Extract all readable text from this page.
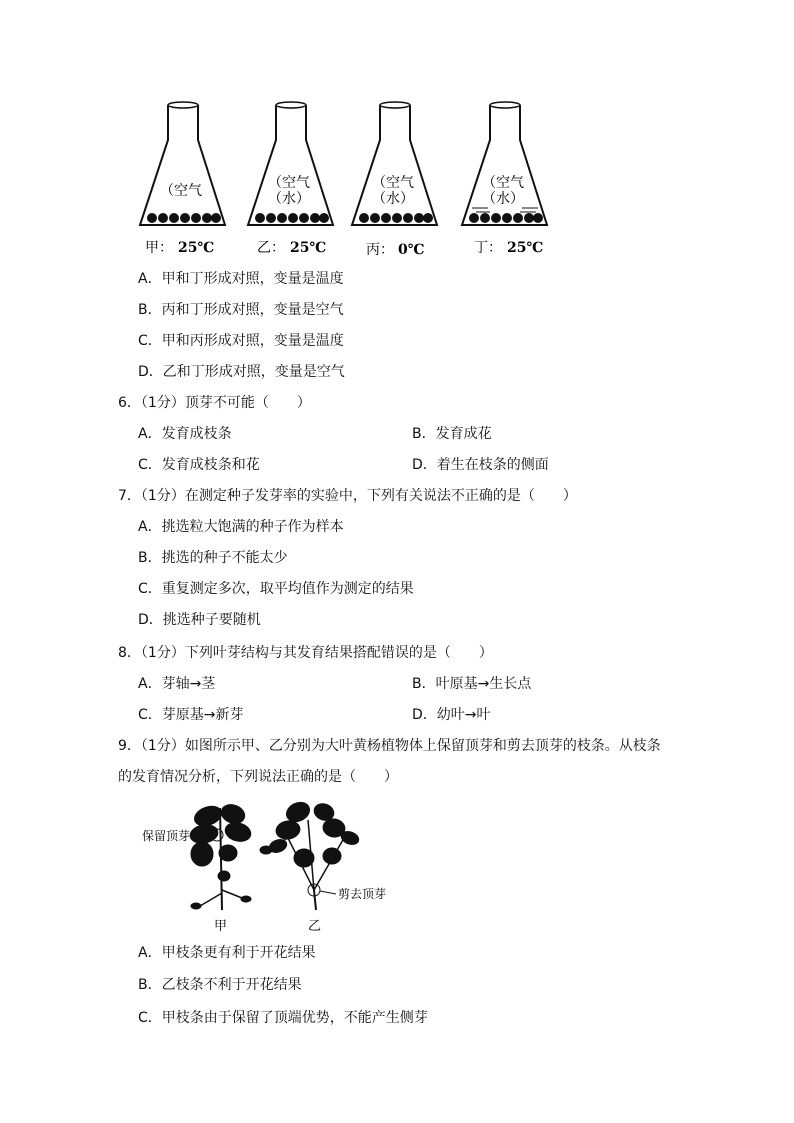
（空气	（空气
（水）
（空气
（水）
（空气
（水）
甲： 25℃	乙： 25℃	丙： 0℃	丁： 25℃
A．甲和丁形成对照，变量是温度
B．丙和丁形成对照，变量是空气
C．甲和丙形成对照，变量是温度
D．乙和丁形成对照，变量是空气
6．（1分）顶芽不可能（　　）
A．发育成枝条	B．发育成花
C．发育成枝条和花	D．着生在枝条的侧面
7．（1分）在测定种子发芽率的实验中，下列有关说法不正确的是（　　）
A．挑选粒大饱满的种子作为样本
B．挑选的种子不能太少
C．重复测定多次，取平均值作为测定的结果
D．挑选种子要随机
8．（1分）下列叶芽结构与其发育结果搭配错误的是（　　）
A．芽轴→茎	B．叶原基→生长点
C．芽原基→新芽	D．幼叶→叶
9．（1分）如图所示甲、乙分别为大叶黄杨植物体上保留顶芽和剪去顶芽的枝条。从枝条
的发育情况分析，下列说法正确的是（　　）
保留顶芽
剪去顶芽
甲	乙
A．甲枝条更有利于开花结果
B．乙枝条不利于开花结果
C．甲枝条由于保留了顶端优势，不能产生侧芽
